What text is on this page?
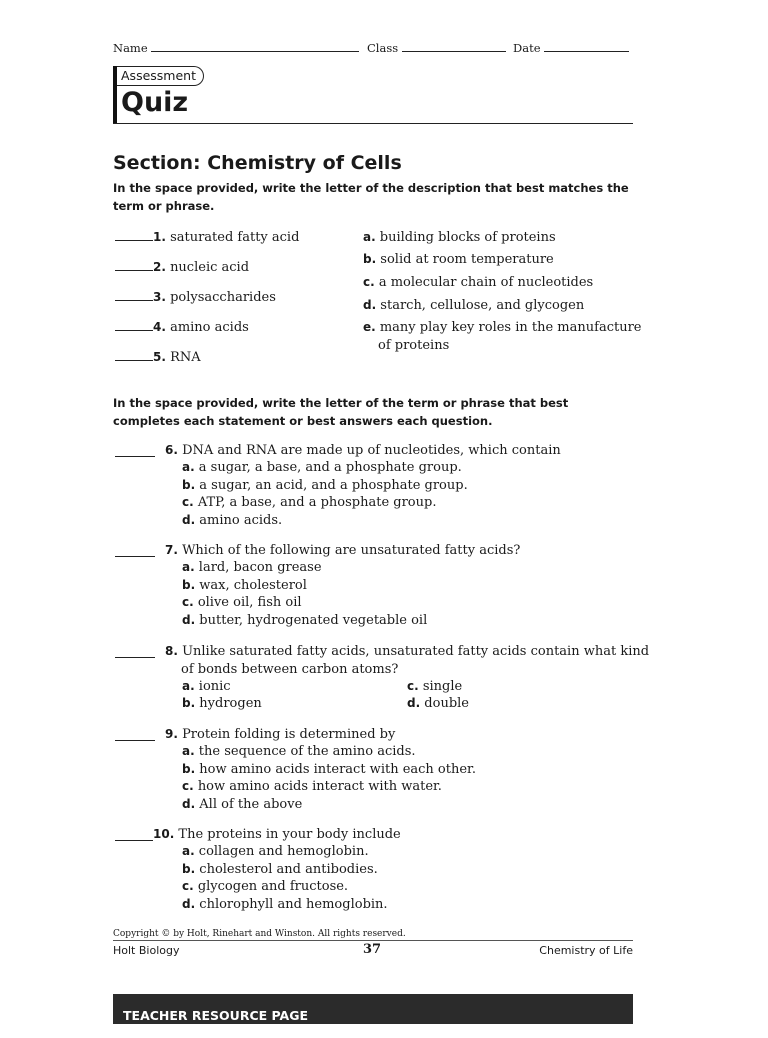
Name	Class	Date
Assessment
Quiz
Section: Chemistry of Cells
In the space provided, write the letter of the description that best matches the term or phrase.
1. saturated fatty acid
2. nucleic acid
3. polysaccharides
4. amino acids
5. RNA
a. building blocks of proteins
b. solid at room temperature
c. a molecular chain of nucleotides
d. starch, cellulose, and glycogen
e. many play key roles in the manufacture of proteins
In the space provided, write the letter of the term or phrase that best completes each statement or best answers each question.
6. DNA and RNA are made up of nucleotides, which contain
a. a sugar, a base, and a phosphate group.
b. a sugar, an acid, and a phosphate group.
c. ATP, a base, and a phosphate group.
d. amino acids.
7. Which of the following are unsaturated fatty acids?
a. lard, bacon grease
b. wax, cholesterol
c. olive oil, fish oil
d. butter, hydrogenated vegetable oil
8. Unlike saturated fatty acids, unsaturated fatty acids contain what kind of bonds between carbon atoms?
a. ionic
b. hydrogen
c. single
d. double
9. Protein folding is determined by
a. the sequence of the amino acids.
b. how amino acids interact with each other.
c. how amino acids interact with water.
d. All of the above
10. The proteins in your body include
a. collagen and hemoglobin.
b. cholesterol and antibodies.
c. glycogen and fructose.
d. chlorophyll and hemoglobin.
Copyright © by Holt, Rinehart and Winston. All rights reserved.
Holt Biology	37	Chemistry of Life
TEACHER RESOURCE PAGE
